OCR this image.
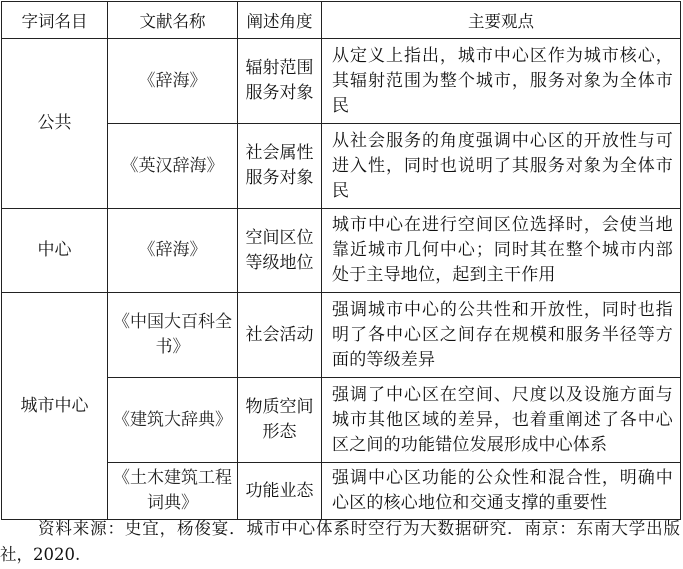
字词名目	文献名称	阐述角度	主要观点
公共	《辞海》	辐射范围服务对象	从定义上指出，城市中心区作为城市核心，其辐射范围为整个城市，服务对象为全体市民
	《英汉辞海》	社会属性服务对象	从社会服务的角度强调中心区的开放性与可进入性，同时也说明了其服务对象为全体市民
中心	《辞海》	空间区位等级地位	城市中心在进行空间区位选择时，会使当地靠近城市几何中心；同时其在整个城市内部处于主导地位，起到主干作用
城市中心	《中国大百科全书》	社会活动	强调城市中心的公共性和开放性，同时也指明了各中心区之间存在规模和服务半径等方面的等级差异
	《建筑大辞典》	物质空间形态	强调了中心区在空间、尺度以及设施方面与城市其他区域的差异，也着重阐述了各中心区之间的功能错位发展形成中心体系
	《土木建筑工程词典》	功能业态	强调中心区功能的公众性和混合性，明确中心区的核心地位和交通支撑的重要性
资料来源：史宜，杨俊宴．城市中心体系时空行为大数据研究．南京：东南大学出版社，2020.
